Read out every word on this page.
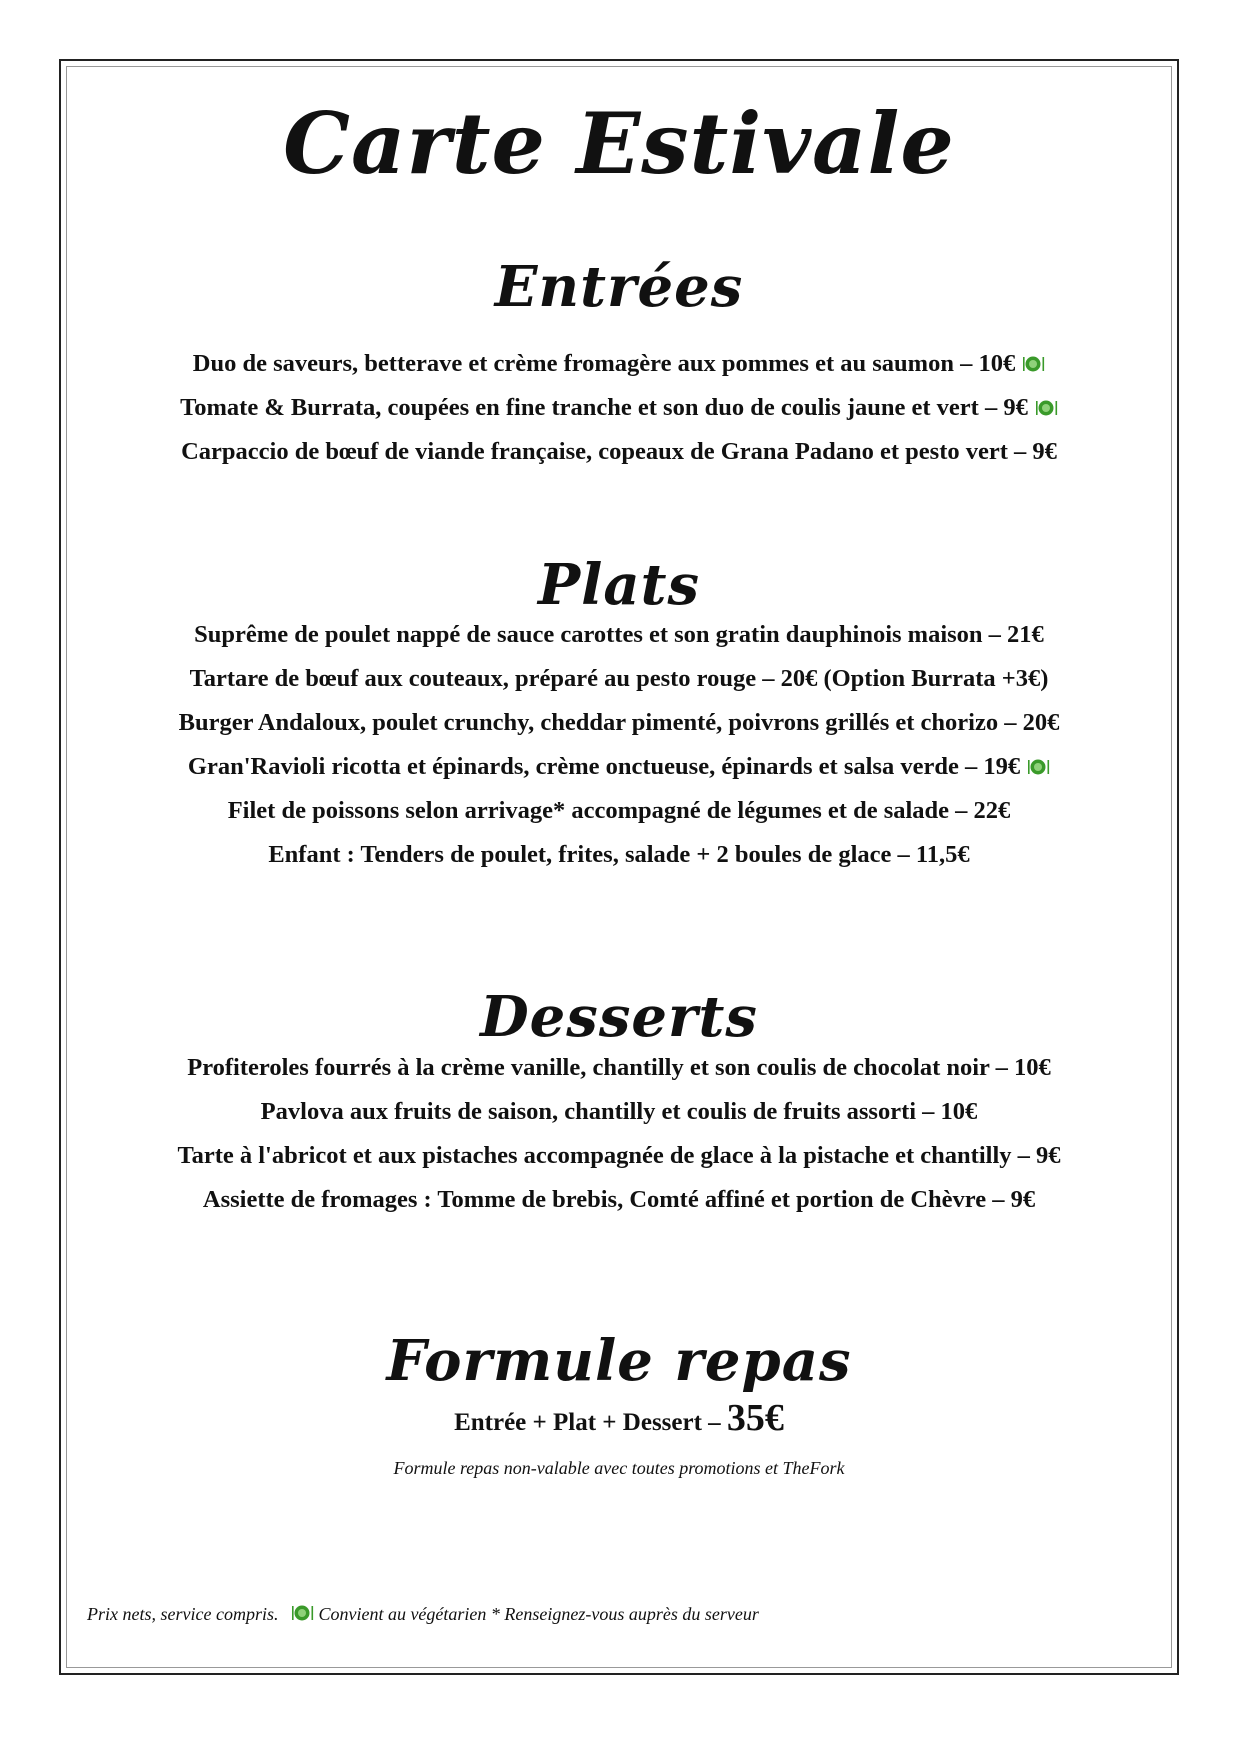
Carte Estivale
Entrées
Duo de saveurs, betterave et crème fromagère aux pommes et au saumon – 10€
Tomate & Burrata, coupées en fine tranche et son duo de coulis jaune et vert – 9€
Carpaccio de bœuf de viande française, copeaux de Grana Padano et pesto vert – 9€
Plats
Suprême de poulet nappé de sauce carottes et son gratin dauphinois maison – 21€
Tartare de bœuf aux couteaux, préparé au pesto rouge – 20€ (Option Burrata +3€)
Burger Andaloux, poulet crunchy, cheddar pimenté, poivrons grillés et chorizo – 20€
Gran'Ravioli ricotta et épinards, crème onctueuse, épinards et salsa verde – 19€
Filet de poissons selon arrivage* accompagné de légumes et de salade – 22€
Enfant : Tenders de poulet, frites, salade + 2 boules de glace – 11,5€
Desserts
Profiteroles fourrés à la crème vanille, chantilly et son coulis de chocolat noir – 10€
Pavlova aux fruits de saison, chantilly et coulis de fruits assorti – 10€
Tarte à l'abricot et aux pistaches accompagnée de glace à la pistache et chantilly – 9€
Assiette de fromages : Tomme de brebis, Comté affiné et portion de Chèvre – 9€
Formule repas
Entrée + Plat + Dessert – 35€
Formule repas non-valable avec toutes promotions et TheFork
Prix nets, service compris. Convient au végétarien * Renseignez-vous auprès du serveur
